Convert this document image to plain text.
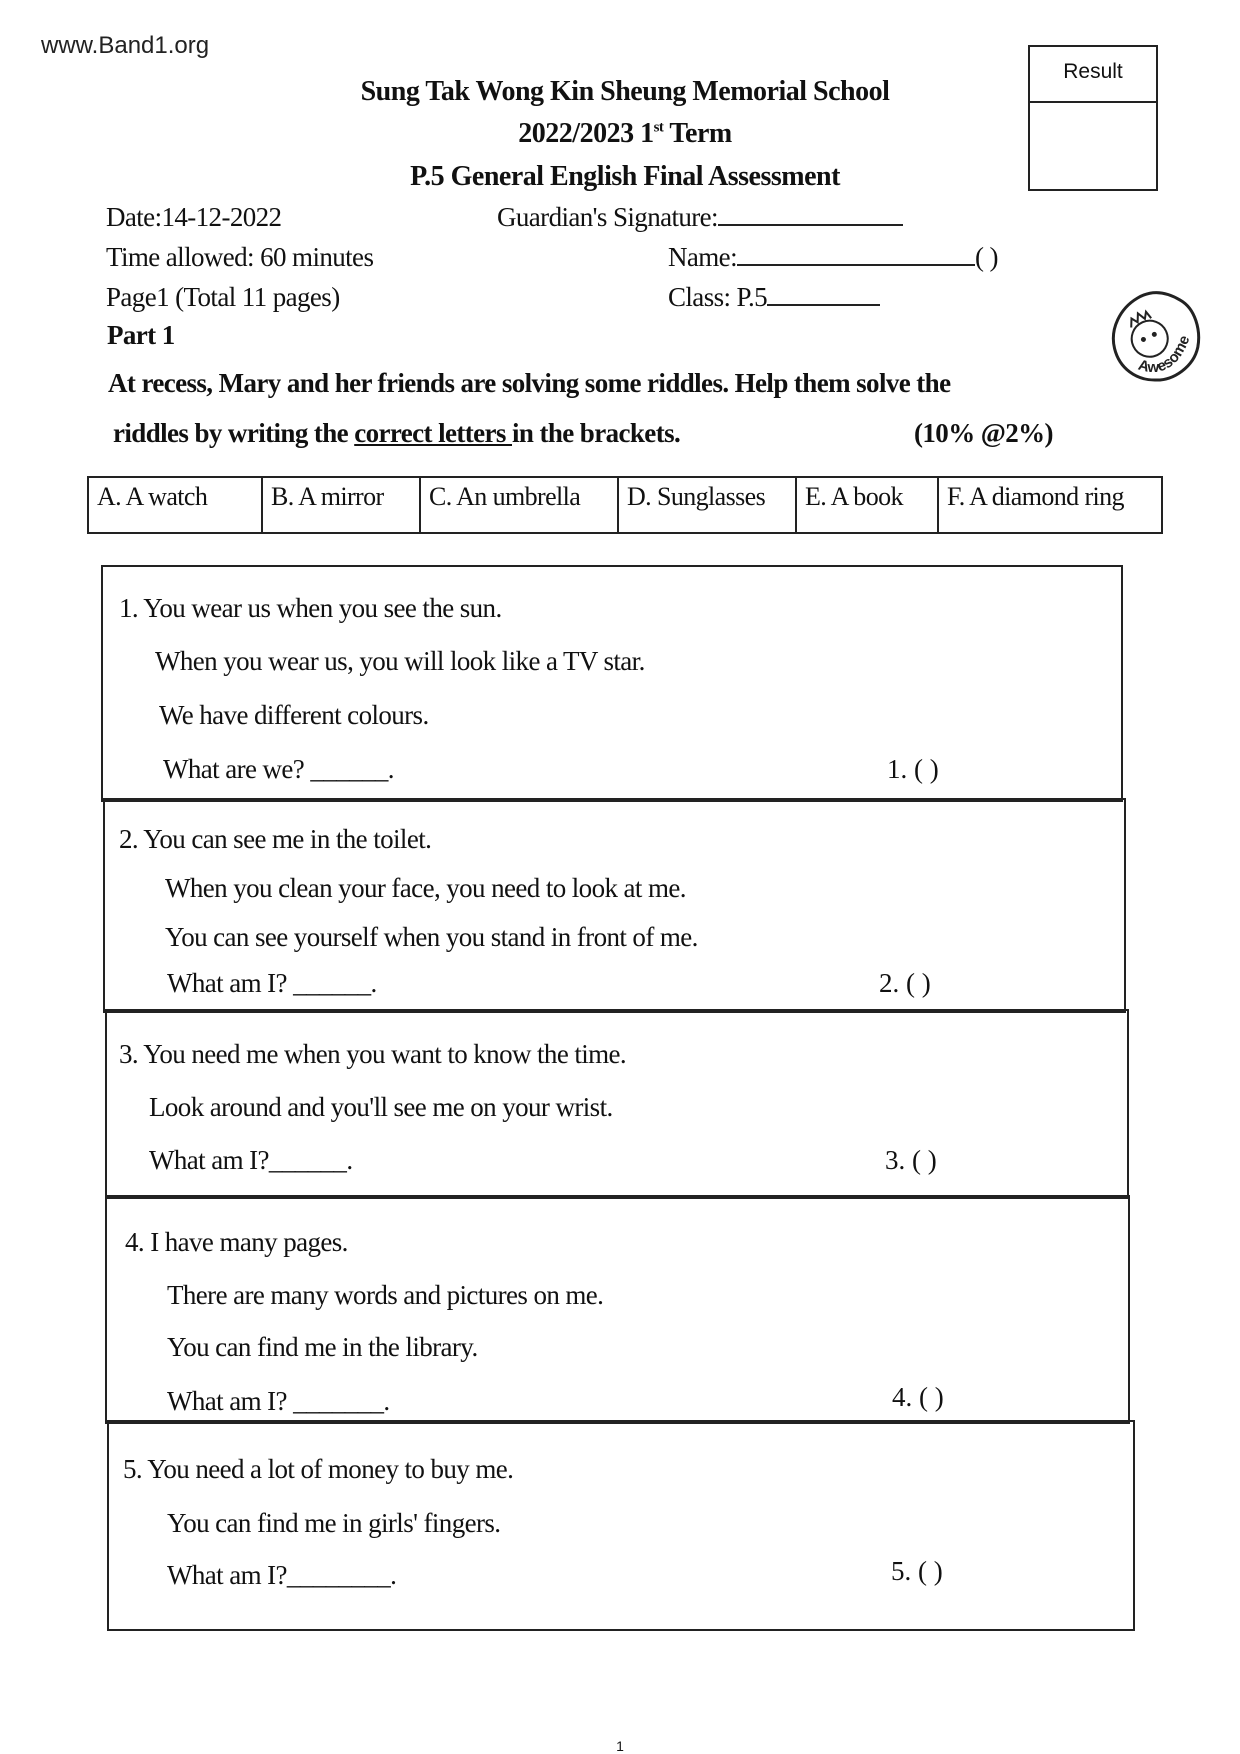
www.Band1.org
Result
Sung Tak Wong Kin Sheung Memorial School
2022/2023 1st Term
P.5 General English Final Assessment
Date:14-12-2022	Guardian's Signature:
Time allowed: 60 minutes	Name:	( )
Page1 (Total 11 pages)	Class: P.5
Part 1
At recess, Mary and her friends are solving some riddles. Help them solve the
riddles by writing the correct letters in the brackets.	(10% @2%)
Awesome
A. A watch	B. A mirror	C. An umbrella	D. Sunglasses	E. A book	F. A diamond ring
1. You wear us when you see the sun.
When you wear us, you will look like a TV star.
We have different colours.
What are we? ______.	1. ( )
2. You can see me in the toilet.
When you clean your face, you need to look at me.
You can see yourself when you stand in front of me.
What am I? ______.	2. ( )
3. You need me when you want to know the time.
Look around and you'll see me on your wrist.
What am I?______.	3. ( )
4. I have many pages.
There are many words and pictures on me.
You can find me in the library.
What am I? _______.	4. ( )
5. You need a lot of money to buy me.
You can find me in girls' fingers.
What am I?________.	5. ( )
1
